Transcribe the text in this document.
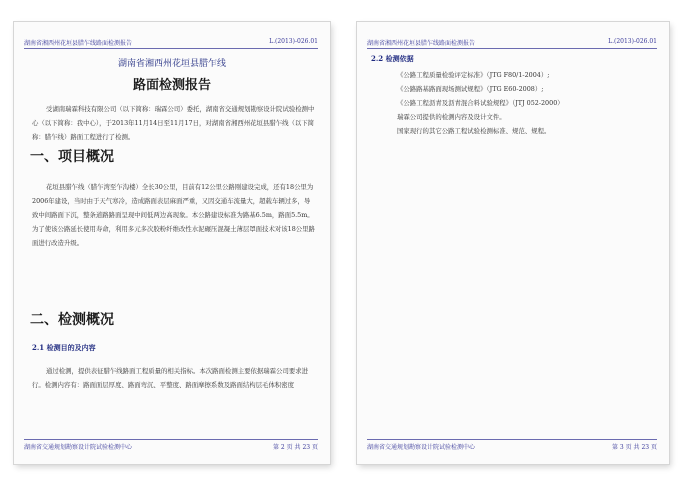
湖南省湘西州花垣县腊乍线路面检测报告	L.(2013)-026.01
湖南省湘西州花垣县腊乍线
路面检测报告
受湖南瑞霖科技有限公司（以下简称：瑞霖公司）委托，湖南省交通规划勘察设计院试验检测中心（以下简称：我中心），于2013年11月14日至11月17日，对湖南省湘西州花垣县腊乍线（以下简称：腊乍线）路面工程进行了检测。
一、项目概况
花垣县腊乍线（腊乍湾至乍沟楼）全长30公里，目前有12公里公路刚建设完成，还有18公里为2006年建设，当时由于天气寒冷，造成路面表层麻面严重，又因交通车流量大，超载车辆过多，导致中间路面下沉，整条道路路面呈现中间低两边高现象。本公路建设标准为路基6.5m，路面5.5m。为了使该公路延长使用寿命，利用多元多次胶粉纤维改性水泥碾压混凝土薄层罩面技术对该18公里路面进行改造升级。
二、检测概况
2.1 检测目的及内容
通过检测，提供表征腊乍线路面工程质量的相关指标。本次路面检测主要依据瑞霖公司要求进行。检测内容有：路面面层厚度、路面弯沉、平整度、路面摩擦系数及路面结构层毛体积密度
湖南省交通规划勘察设计院试验检测中心	第 2 页 共 23 页
湖南省湘西州花垣县腊乍线路面检测报告	L.(2013)-026.01
2.2 检测依据
《公路工程质量检验评定标准》（JTG F80/1-2004）;
《公路路基路面现场测试规程》（JTG E60-2008）;
《公路工程沥青及沥青混合料试验规程》（JTJ 052-2000）
瑞霖公司提供的检测内容及设计文件。
国家现行的其它公路工程试验检测标准、规范、规程。
湖南省交通规划勘察设计院试验检测中心	第 3 页 共 23 页
